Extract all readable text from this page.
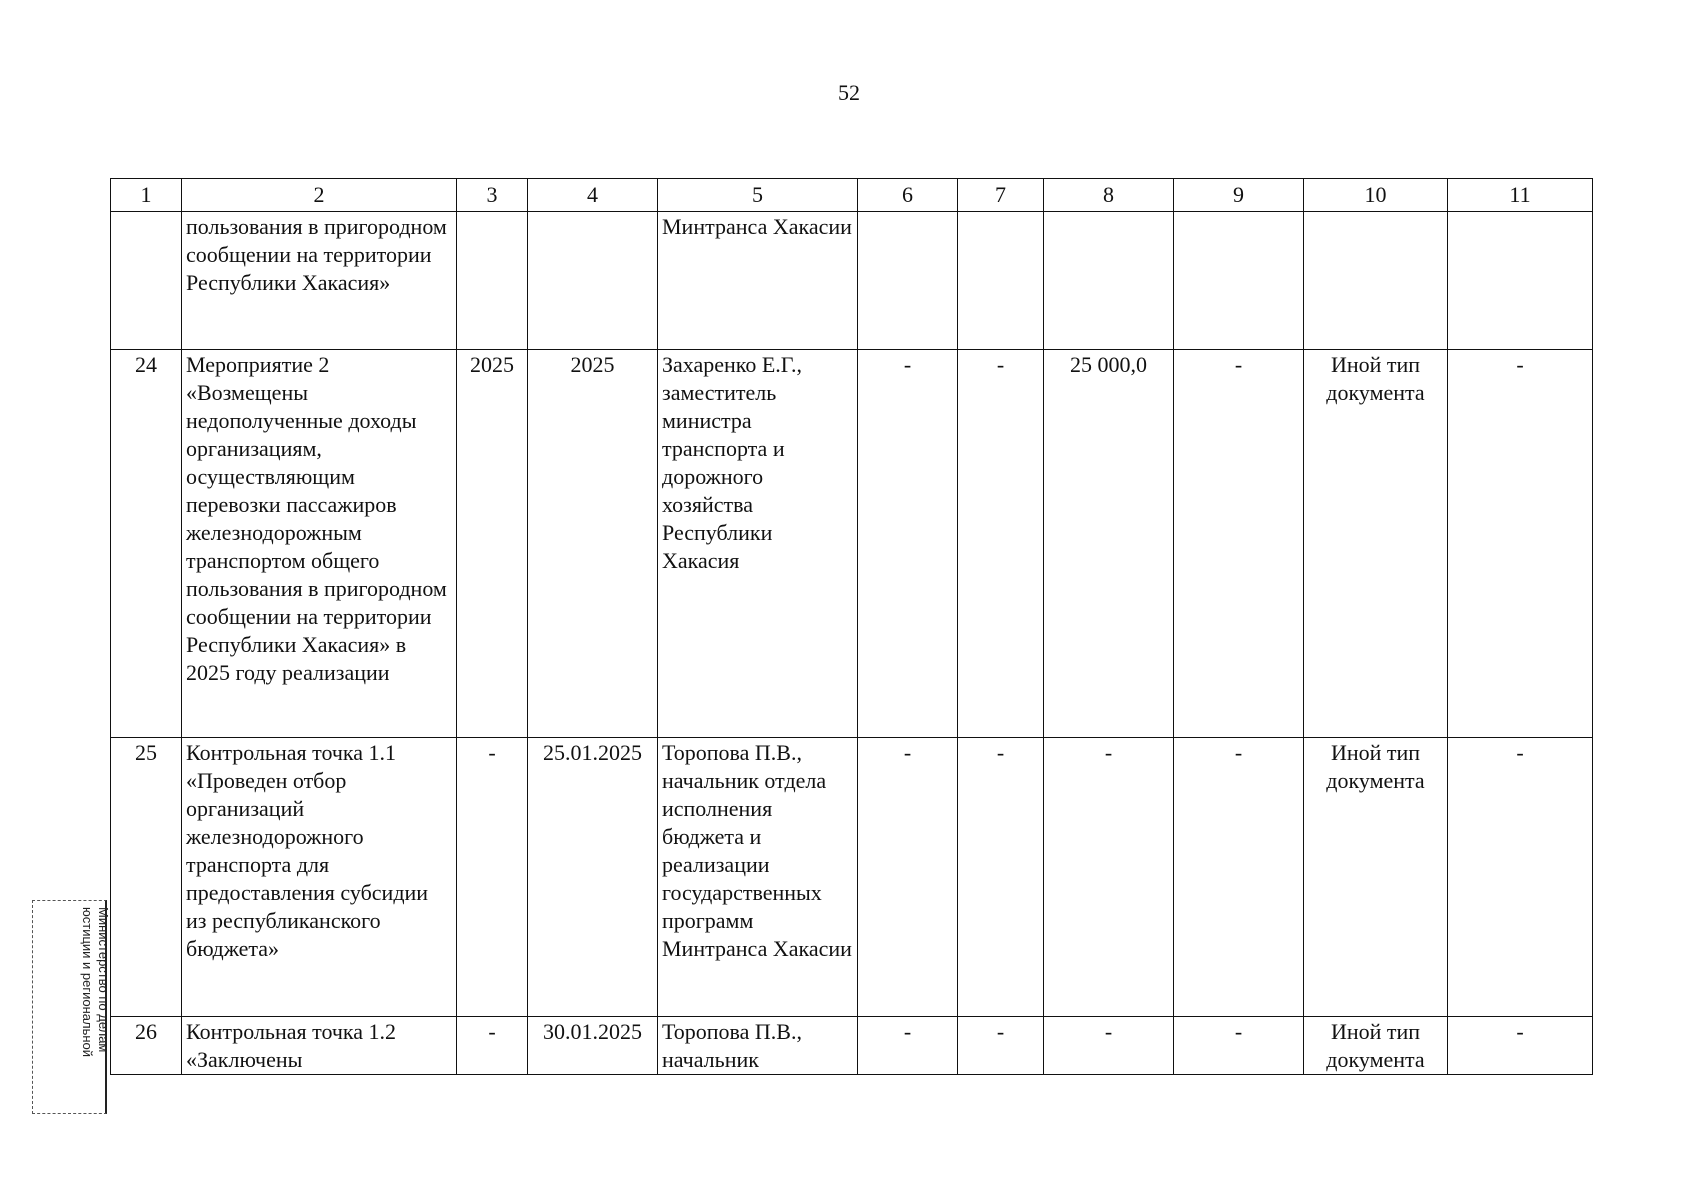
52
1	2	3	4	5	6	7	8	9	10	11
	пользования в пригородном сообщении на территории Республики Хакасия»			Минтранса Хакасии						
24	Мероприятие 2 «Возмещены недополученные доходы организациям, осуществляющим перевозки пассажиров железнодорожным транспортом общего пользования в пригородном сообщении на территории Республики Хакасия» в 2025 году реализации	2025	2025	Захаренко Е.Г., заместитель министра транспорта и дорожного хозяйства Республики Хакасия	-	-	25 000,0	-	Иной тип документа	-
25	Контрольная точка 1.1 «Проведен отбор организаций железнодорожного транспорта для предоставления субсидии из республиканского бюджета»	-	25.01.2025	Торопова П.В., начальник отдела исполнения бюджета и реализации государственных программ Минтранса Хакасии	-	-	-	-	Иной тип документа	-
26	Контрольная точка 1.2 «Заключены	-	30.01.2025	Торопова П.В., начальник	-	-	-	-	Иной тип документа	-
Министерство по делам
юстиции и региональной
